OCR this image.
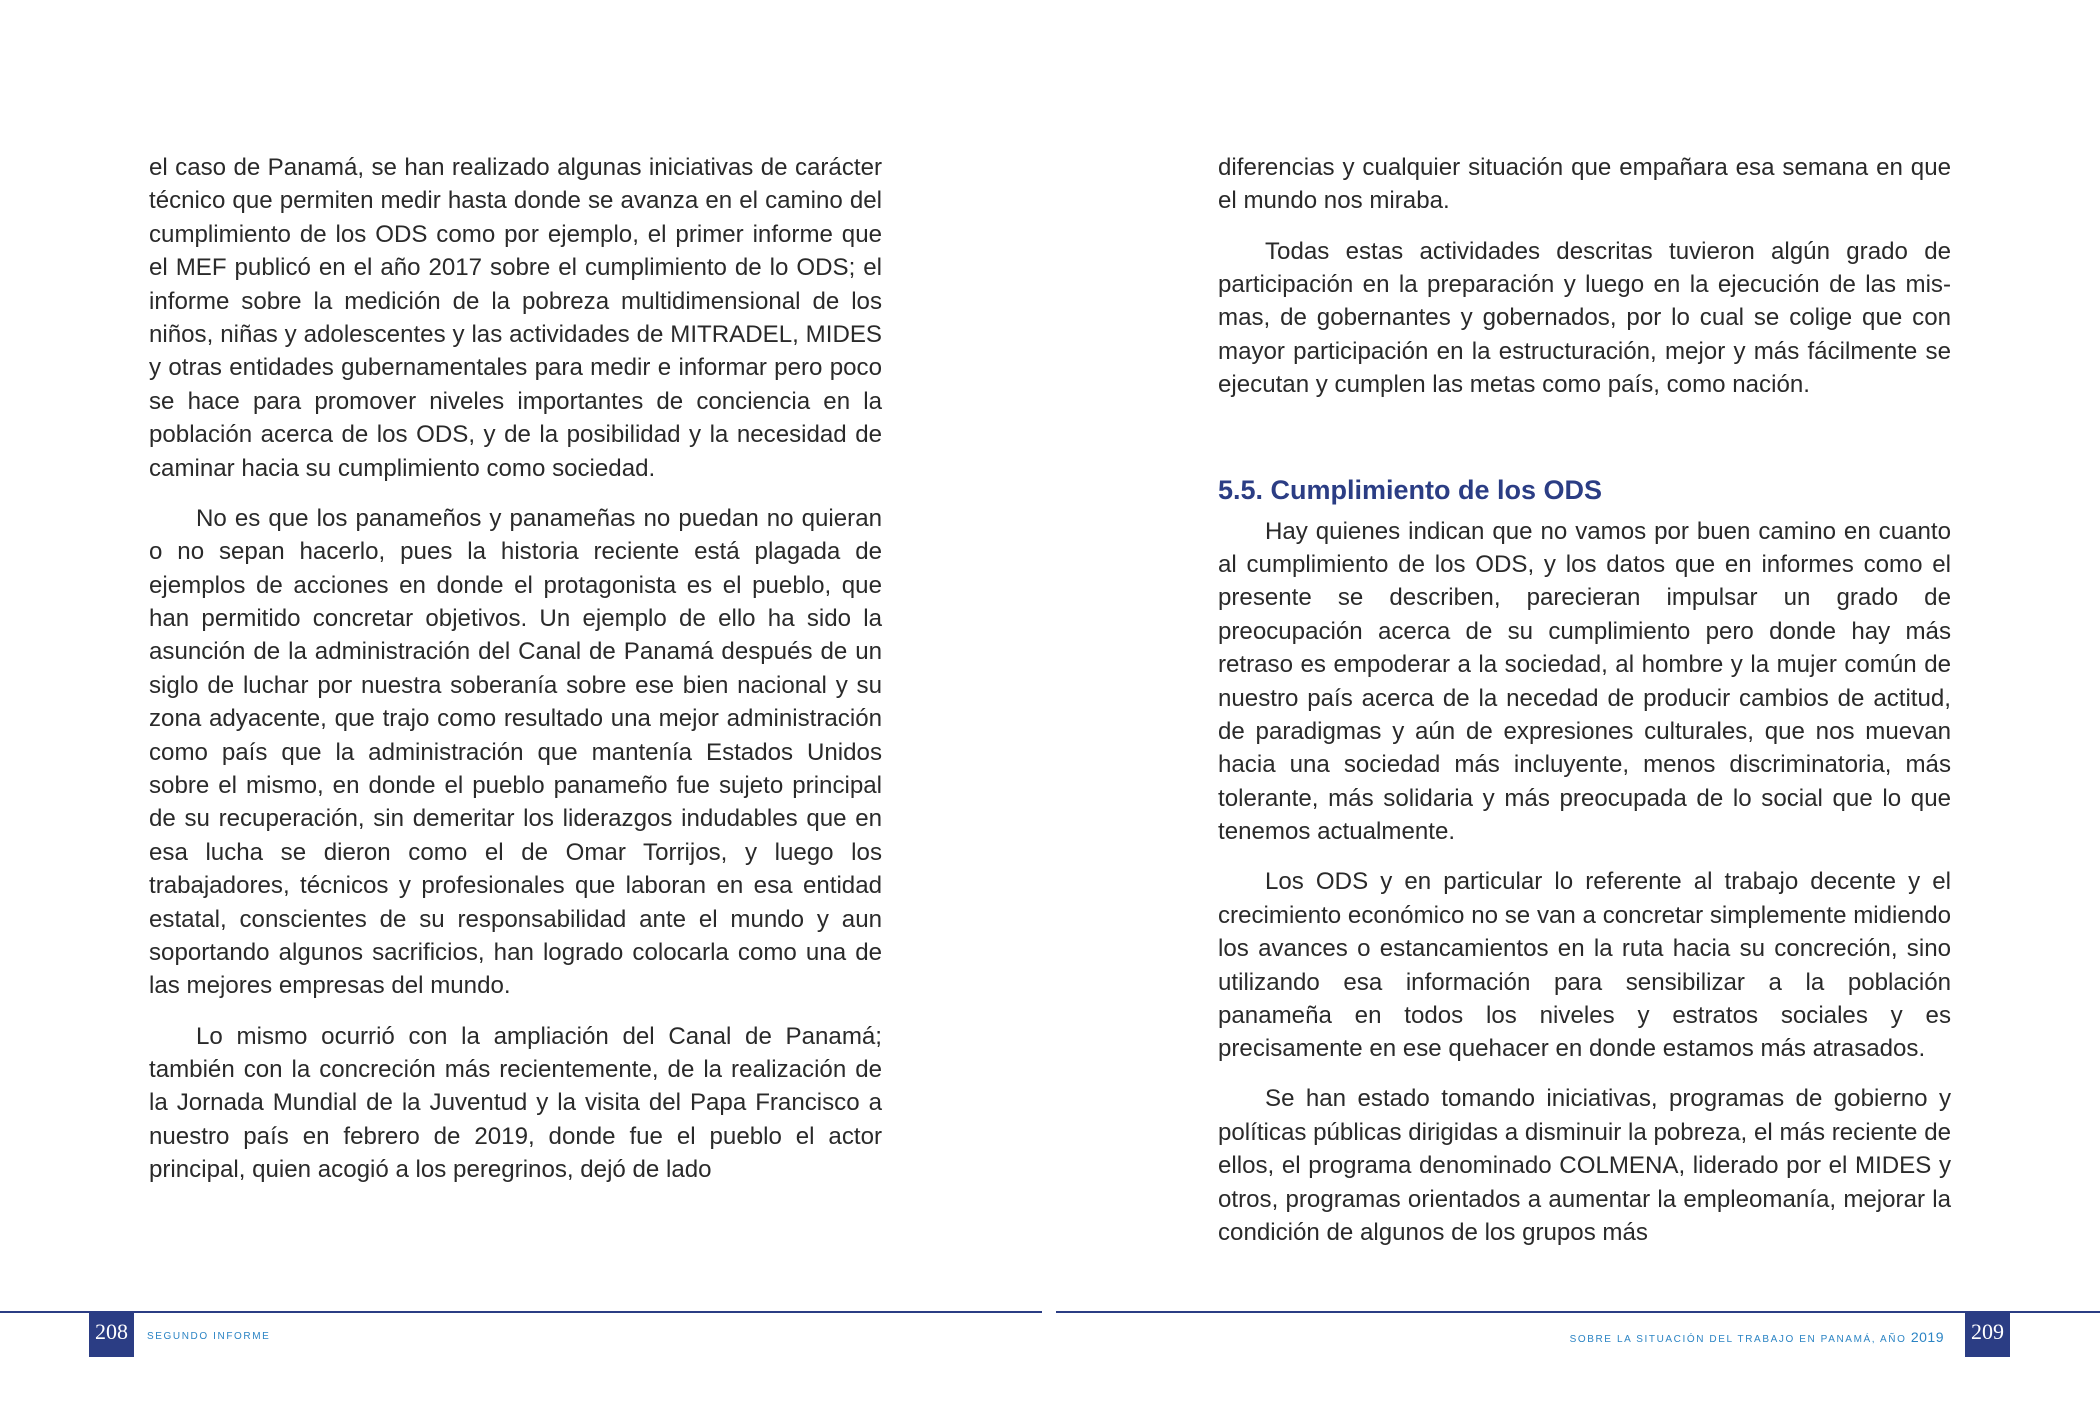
el caso de Panamá, se han realizado algunas iniciativas de carácter técnico que permiten medir hasta donde se avanza en el camino del cumplimiento de los ODS como por ejemplo, el primer informe que el MEF publicó en el año 2017 sobre el cumplimiento de lo ODS; el informe sobre la medición de la pobreza multidimensional de los niños, niñas y adolescentes y las actividades de MITRADEL, MIDES y otras entidades gubernamentales para medir e informar pero poco se hace para promover niveles importantes de conciencia en la población acerca de los ODS, y de la posibilidad y la necesidad de caminar hacia su cumplimiento como sociedad.

No es que los panameños y panameñas no puedan no quieran o no sepan hacerlo, pues la historia reciente está plagada de ejemplos de acciones en donde el protagonista es el pueblo, que han permitido concretar objetivos. Un ejemplo de ello ha sido la asunción de la administración del Canal de Panamá después de un siglo de luchar por nuestra soberanía sobre ese bien nacional y su zona adyacente, que trajo como resultado una mejor administración como país que la administración que mantenía Estados Unidos sobre el mismo, en donde el pueblo panameño fue sujeto principal de su recuperación, sin demeritar los liderazgos indudables que en esa lucha se dieron como el de Omar Torrijos, y luego los trabajadores, técnicos y profesionales que laboran en esa entidad estatal, conscientes de su responsabilidad ante el mundo y aun soportando algunos sacrificios, han logrado colocarla como una de las mejores empresas del mundo.

Lo mismo ocurrió con la ampliación del Canal de Panamá; también con la concreción más recientemente, de la realización de la Jornada Mundial de la Juventud y la visita del Papa Francisco a nuestro país en febrero de 2019, donde fue el pueblo el actor principal, quien acogió a los peregrinos, dejó de lado

diferencias y cualquier situación que empañara esa semana en que el mundo nos miraba.

Todas estas actividades descritas tuvieron algún grado de participación en la preparación y luego en la ejecución de las mismas, de gobernantes y gobernados, por lo cual se colige que con mayor participación en la estructuración, mejor y más fácilmente se ejecutan y cumplen las metas como país, como nación.

5.5. Cumplimiento de los ODS

Hay quienes indican que no vamos por buen camino en cuanto al cumplimiento de los ODS, y los datos que en informes como el presente se describen, parecieran impulsar un grado de preocupación acerca de su cumplimiento pero donde hay más retraso es empoderar a la sociedad, al hombre y la mujer común de nuestro país acerca de la necedad de producir cambios de actitud, de paradigmas y aún de expresiones culturales, que nos muevan hacia una sociedad más incluyente, menos discriminatoria, más tolerante, más solidaria y más preocupada de lo social que lo que tenemos actualmente.

Los ODS y en particular lo referente al trabajo decente y el crecimiento económico no se van a concretar simplemente midiendo los avances o estancamientos en la ruta hacia su concreción, sino utilizando esa información para sensibilizar a la población panameña en todos los niveles y estratos sociales y es precisamente en ese quehacer en donde estamos más atrasados.

Se han estado tomando iniciativas, programas de gobierno y políticas públicas dirigidas a disminuir la pobreza, el más reciente de ellos, el programa denominado COLMENA, liderado por el MIDES y otros, programas orientados a aumentar la empleomanía, mejorar la condición de algunos de los grupos más

208	209
SEGUNDO INFORME	SOBRE LA SITUACIÓN DEL TRABAJO EN PANAMÁ, AÑO 2019
